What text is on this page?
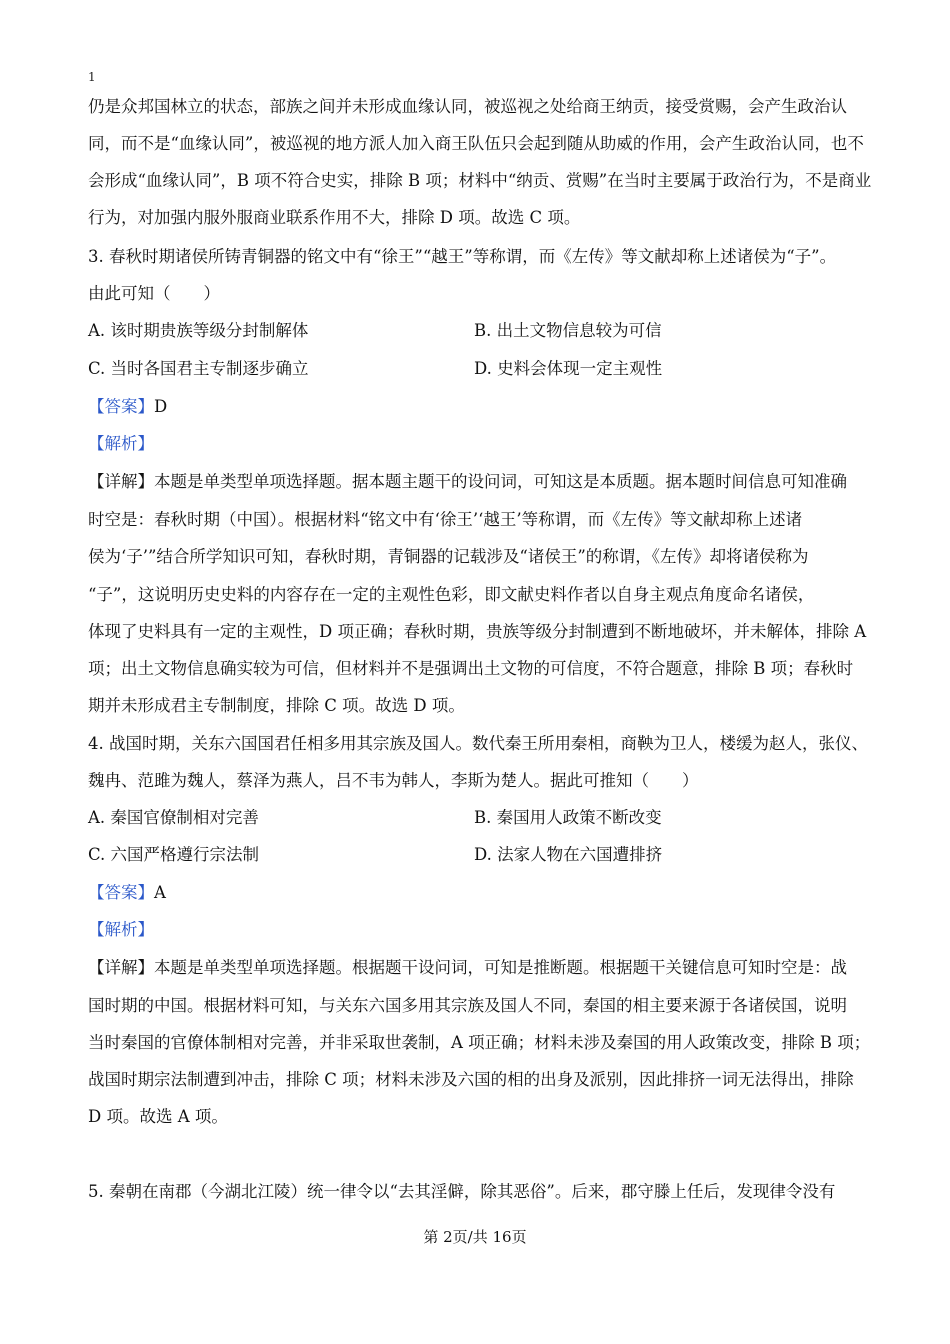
1
仍是众邦国林立的状态，部族之间并未形成血缘认同，被巡视之处给商王纳贡，接受赏赐，会产生政治认
同，而不是“血缘认同”，被巡视的地方派人加入商王队伍只会起到随从助威的作用，会产生政治认同，也不
会形成“血缘认同”，B 项不符合史实，排除 B 项；材料中“纳贡、赏赐”在当时主要属于政治行为，不是商业
行为，对加强内服外服商业联系作用不大，排除 D 项。故选 C 项。
3. 春秋时期诸侯所铸青铜器的铭文中有“徐王”“越王”等称谓，而《左传》等文献却称上述诸侯为“子”。
由此可知（　　）
A. 该时期贵族等级分封制解体	B. 出土文物信息较为可信
C. 当时各国君主专制逐步确立	D. 史料会体现一定主观性
【答案】D
【解析】
【详解】本题是单类型单项选择题。据本题主题干的设问词，可知这是本质题。据本题时间信息可知准确
时空是：春秋时期（中国）。根据材料“铭文中有‘徐王’‘越王’等称谓，而《左传》等文献却称上述诸
侯为‘子’”结合所学知识可知，春秋时期，青铜器的记载涉及“诸侯王”的称谓，《左传》却将诸侯称为
“子”，这说明历史史料的内容存在一定的主观性色彩，即文献史料作者以自身主观点角度命名诸侯，
体现了史料具有一定的主观性，D 项正确；春秋时期，贵族等级分封制遭到不断地破坏，并未解体，排除 A
项；出土文物信息确实较为可信，但材料并不是强调出土文物的可信度，不符合题意，排除 B 项；春秋时
期并未形成君主专制制度，排除 C 项。故选 D 项。
4. 战国时期，关东六国国君任相多用其宗族及国人。数代秦王所用秦相，商鞅为卫人，楼缓为赵人，张仪、
魏冉、范雎为魏人，蔡泽为燕人，吕不韦为韩人，李斯为楚人。据此可推知（　　）
A. 秦国官僚制相对完善	B. 秦国用人政策不断改变
C. 六国严格遵行宗法制	D. 法家人物在六国遭排挤
【答案】A
【解析】
【详解】本题是单类型单项选择题。根据题干设问词，可知是推断题。根据题干关键信息可知时空是：战
国时期的中国。根据材料可知，与关东六国多用其宗族及国人不同，秦国的相主要来源于各诸侯国，说明
当时秦国的官僚体制相对完善，并非采取世袭制，A 项正确；材料未涉及秦国的用人政策改变，排除 B 项；
战国时期宗法制遭到冲击，排除 C 项；材料未涉及六国的相的出身及派别，因此排挤一词无法得出，排除
D 项。故选 A 项。
5. 秦朝在南郡（今湖北江陵）统一律令以“去其淫僻，除其恶俗”。后来，郡守滕上任后，发现律令没有
第 2页/共 16页
